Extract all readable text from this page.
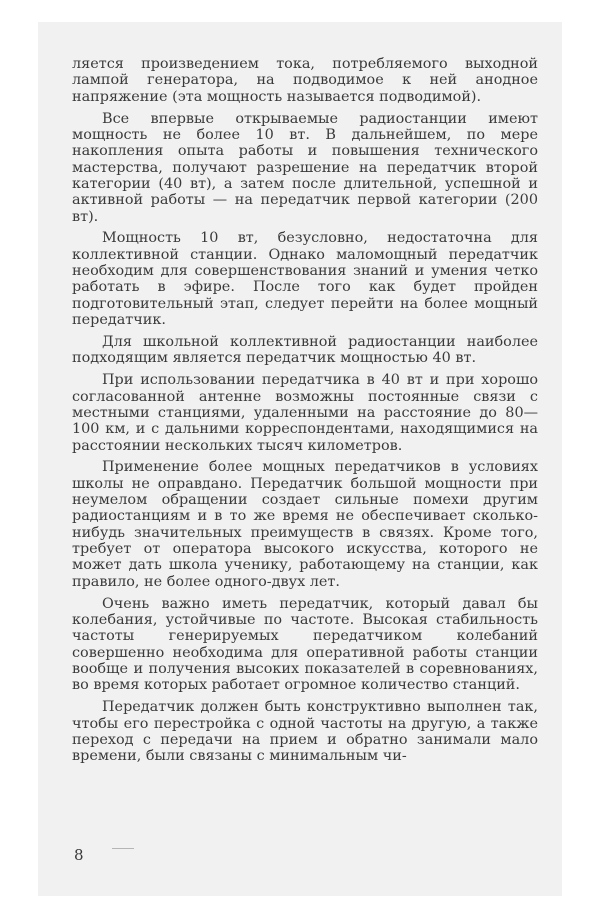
ляется произведением тока, потребляемого выходной лампой генератора, на подводимое к ней анодное напряжение (эта мощность называется подводимой).

Все впервые открываемые радиостанции имеют мощность не более 10 вт. В дальнейшем, по мере накопления опыта работы и повышения технического мастерства, получают разрешение на передатчик второй категории (40 вт), а затем после длительной, успешной и активной работы — на передатчик первой категории (200 вт).

Мощность 10 вт, безусловно, недостаточна для коллективной станции. Однако маломощный передатчик необходим для совершенствования знаний и умения четко работать в эфире. После того как будет пройден подготовительный этап, следует перейти на более мощный передатчик.

Для школьной коллективной радиостанции наиболее подходящим является передатчик мощностью 40 вт.

При использовании передатчика в 40 вт и при хорошо согласованной антенне возможны постоянные связи с местными станциями, удаленными на расстояние до 80—100 км, и с дальними корреспондентами, находящимися на расстоянии нескольких тысяч километров.

Применение более мощных передатчиков в условиях школы не оправдано. Передатчик большой мощности при неумелом обращении создает сильные помехи другим радиостанциям и в то же время не обеспечивает сколько-нибудь значительных преимуществ в связях. Кроме того, требует от оператора высокого искусства, которого не может дать школа ученику, работающему на станции, как правило, не более одного-двух лет.

Очень важно иметь передатчик, который давал бы колебания, устойчивые по частоте. Высокая стабильность частоты генерируемых передатчиком колебаний совершенно необходима для оперативной работы станции вообще и получения высоких показателей в соревнованиях, во время которых работает огромное количество станций.

Передатчик должен быть конструктивно выполнен так, чтобы его перестройка с одной частоты на другую, а также переход с передачи на прием и обратно занимали мало времени, были связаны с минимальным чи-

8
